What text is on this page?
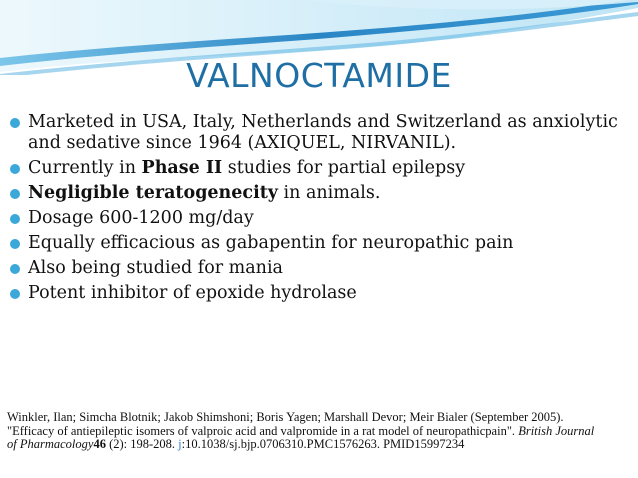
VALNOCTAMIDE
Marketed in USA, Italy, Netherlands and Switzerland as anxiolytic and sedative since 1964 (AXIQUEL, NIRVANIL).
Currently in Phase II studies for partial epilepsy
Negligible teratogenecity in animals.
Dosage 600-1200 mg/day
Equally efficacious as gabapentin for neuropathic pain
Also being studied for mania
Potent inhibitor of epoxide hydrolase
Winkler, Ilan; Simcha Blotnik; Jakob Shimshoni; Boris Yagen; Marshall Devor; Meir Bialer (September 2005). "Efficacy of antiepileptic isomers of valproic acid and valpromide in a rat model of neuropathicpain". British Journal of Pharmacology46 (2): 198-208. j:10.1038/sj.bjp.0706310.PMC1576263. PMID15997234
